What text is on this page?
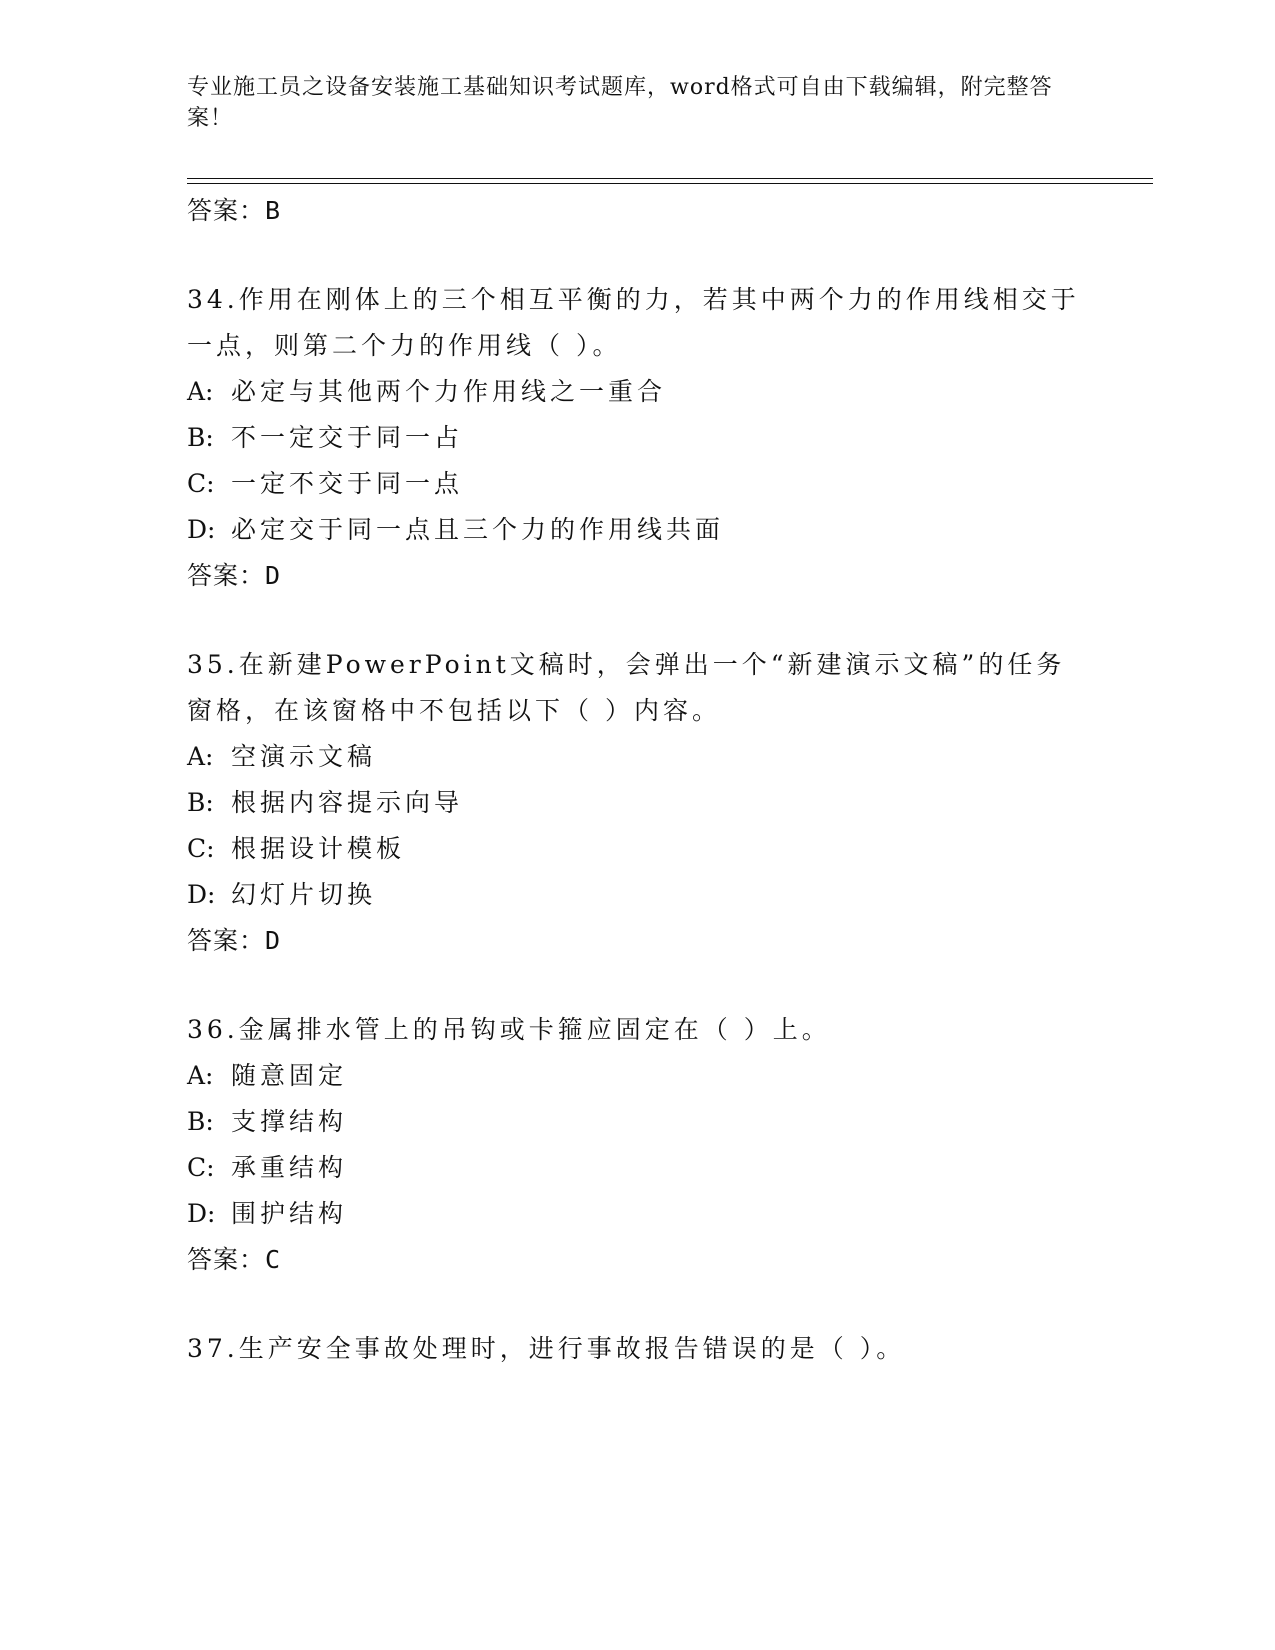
专业施工员之设备安装施工基础知识考试题库，word格式可自由下载编辑，附完整答案！
答案：B
34.作用在刚体上的三个相互平衡的力，若其中两个力的作用线相交于
一点，则第二个力的作用线（ ）。
A: 必定与其他两个力作用线之一重合
B: 不一定交于同一占
C: 一定不交于同一点
D: 必定交于同一点且三个力的作用线共面
答案：D
35.在新建PowerPoint文稿时，会弹出一个“新建演示文稿”的任务
窗格，在该窗格中不包括以下（ ）内容。
A: 空演示文稿
B: 根据内容提示向导
C: 根据设计模板
D: 幻灯片切换
答案：D
36.金属排水管上的吊钩或卡箍应固定在（ ）上。
A: 随意固定
B: 支撑结构
C: 承重结构
D: 围护结构
答案：C
37.生产安全事故处理时，进行事故报告错误的是（ ）。
